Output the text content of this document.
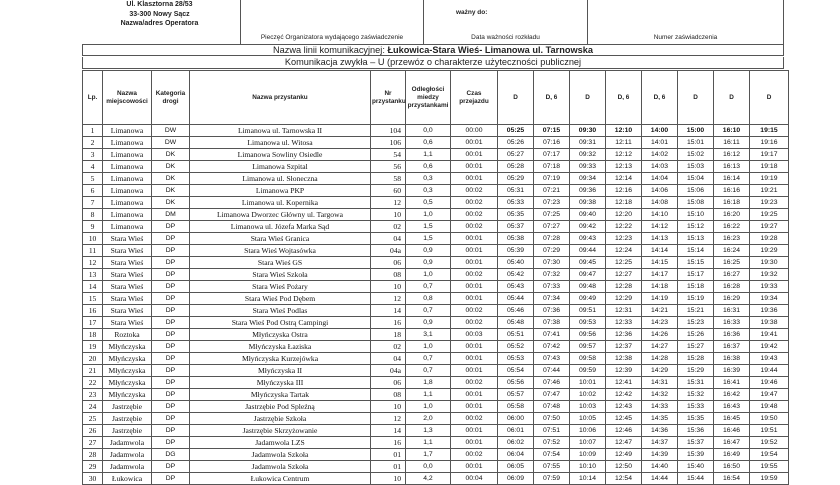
Ul. Klasztorna 28/53
33-300 Nowy Sącz
Nazwa/adres Operatora
Pieczęć Organizatora wydającego zaświadczenie
ważny do:
Data ważności rozkładu	Numer zaświadczenia
Nazwa linii komunikacyjnej: Łukowica-Stara Wieś- Limanowa ul. Tarnowska
Komunikacja zwykła – U (przewóz o charakterze użyteczności publicznej
Lp.	Nazwa miejscowości	Kategoria drogi	Nazwa przystanku	Nr przystanku	Odległości miedzy przystankami	Czas przejazdu	D	D, 6	D	D, 6	D, 6	D	D	D
1	Limanowa	DW	Limanowa ul. Tarnowska II	104	0,0	00:00	05:25	07:15	09:30	12:10	14:00	15:00	16:10	19:15
2	Limanowa	DW	Limanowa ul. Witosa	106	0,6	00:01	05:26	07:16	09:31	12:11	14:01	15:01	16:11	19:16
3	Limanowa	DK	Limanowa Sowliny Osiedle	54	1,1	00:01	05:27	07:17	09:32	12:12	14:02	15:02	16:12	19:17
4	Limanowa	DK	Limanowa Szpital	56	0,6	00:01	05:28	07:18	09:33	12:13	14:03	15:03	16:13	19:18
5	Limanowa	DK	Limanowa ul. Słoneczna	58	0,3	00:01	05:29	07:19	09:34	12:14	14:04	15:04	16:14	19:19
6	Limanowa	DK	Limanowa PKP	60	0,3	00:02	05:31	07:21	09:36	12:16	14:06	15:06	16:16	19:21
7	Limanowa	DK	Limanowa ul. Kopernika	12	0,5	00:02	05:33	07:23	09:38	12:18	14:08	15:08	16:18	19:23
8	Limanowa	DM	Limanowa Dworzec Główny ul. Targowa	10	1,0	00:02	05:35	07:25	09:40	12:20	14:10	15:10	16:20	19:25
9	Limanowa	DP	Limanowa ul. Józefa Marka Sąd	02	1,5	00:02	05:37	07:27	09:42	12:22	14:12	15:12	16:22	19:27
10	Stara Wieś	DP	Stara Wieś Granica	04	1,5	00:01	05:38	07:28	09:43	12:23	14:13	15:13	16:23	19:28
11	Stara Wieś	DP	Stara Wieś Wojtasówka	04a	0,9	00:01	05:39	07:29	09:44	12:24	14:14	15:14	16:24	19:29
12	Stara Wieś	DP	Stara Wieś GS	06	0,9	00:01	05:40	07:30	09:45	12:25	14:15	15:15	16:25	19:30
13	Stara Wieś	DP	Stara Wieś Szkoła	08	1,0	00:02	05:42	07:32	09:47	12:27	14:17	15:17	16:27	19:32
14	Stara Wieś	DP	Stara Wieś Pożary	10	0,7	00:01	05:43	07:33	09:48	12:28	14:18	15:18	16:28	19:33
15	Stara Wieś	DP	Stara Wieś Pod Dębem	12	0,8	00:01	05:44	07:34	09:49	12:29	14:19	15:19	16:29	19:34
16	Stara Wieś	DP	Stara Wieś Podlas	14	0,7	00:02	05:46	07:36	09:51	12:31	14:21	15:21	16:31	19:36
17	Stara Wieś	DP	Stara Wieś Pod Ostrą Campingi	16	0,9	00:02	05:48	07:38	09:53	12:33	14:23	15:23	16:33	19:38
18	Roztoka	DP	Młyńczyska Ostra	18	3,1	00:03	05:51	07:41	09:56	12:36	14:26	15:26	16:36	19:41
19	Młyńczyska	DP	Młyńczyska Łaziska	02	1,0	00:01	05:52	07:42	09:57	12:37	14:27	15:27	16:37	19:42
20	Młyńczyska	DP	Młyńczyska Kurzejówka	04	0,7	00:01	05:53	07:43	09:58	12:38	14:28	15:28	16:38	19:43
21	Młyńczyska	DP	Młyńczyska II	04a	0,7	00:01	05:54	07:44	09:59	12:39	14:29	15:29	16:39	19:44
22	Młyńczyska	DP	Młyńczyska III	06	1,8	00:02	05:56	07:46	10:01	12:41	14:31	15:31	16:41	19:46
23	Młyńczyska	DP	Młyńczyska Tartak	08	1,1	00:01	05:57	07:47	10:02	12:42	14:32	15:32	16:42	19:47
24	Jastrzębie	DP	Jastrzębie Pod Spleźną	10	1,0	00:01	05:58	07:48	10:03	12:43	14:33	15:33	16:43	19:48
25	Jastrzębie	DP	Jastrzębie Szkoła	12	2,0	00:02	06:00	07:50	10:05	12:45	14:35	15:35	16:45	19:50
26	Jastrzębie	DP	Jastrzębie Skrzyżowanie	14	1,3	00:01	06:01	07:51	10:06	12:46	14:36	15:36	16:46	19:51
27	Jadamwola	DP	Jadamwola LZS	16	1,1	00:01	06:02	07:52	10:07	12:47	14:37	15:37	16:47	19:52
28	Jadamwola	DG	Jadamwola Szkoła	01	1,7	00:02	06:04	07:54	10:09	12:49	14:39	15:39	16:49	19:54
29	Jadamwola	DP	Jadamwola Szkoła	01	0,0	00:01	06:05	07:55	10:10	12:50	14:40	15:40	16:50	19:55
30	Łukowica	DP	Łukowica Centrum	10	4,2	00:04	06:09	07:59	10:14	12:54	14:44	15:44	16:54	19:59
